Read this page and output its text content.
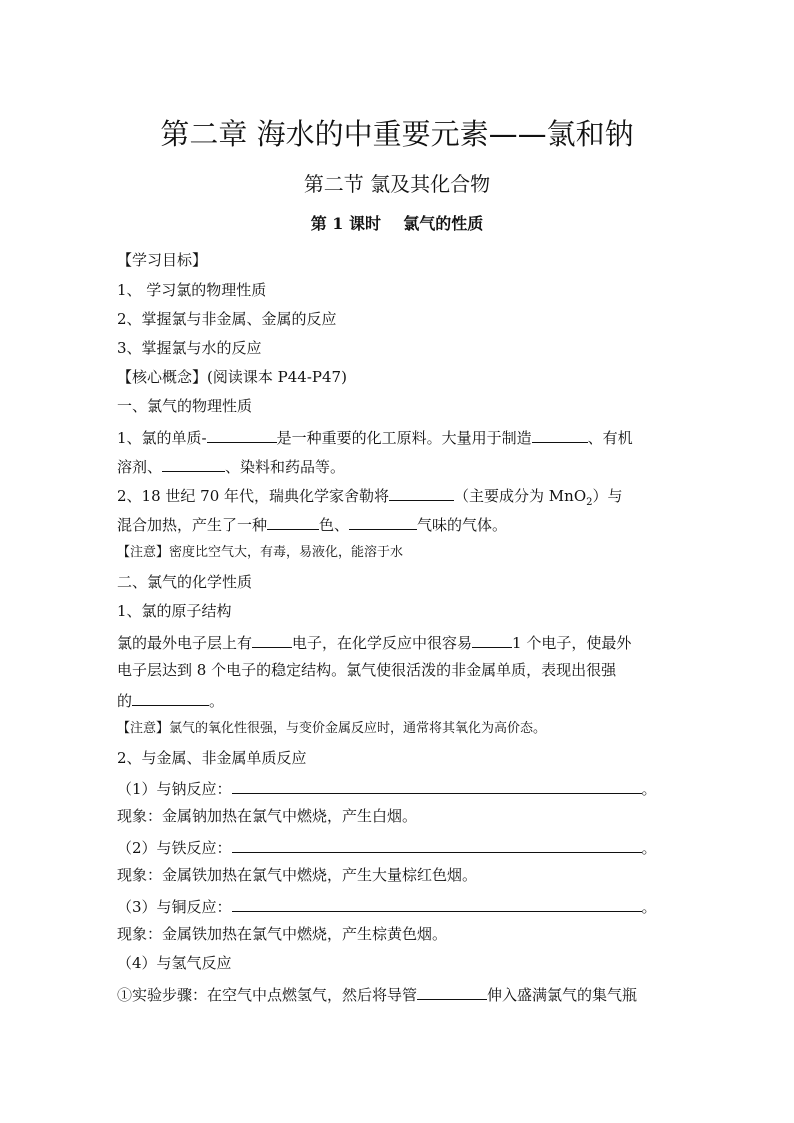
第二章 海水的中重要元素——氯和钠
第二节 氯及其化合物
第 1 课时    氯气的性质
【学习目标】
1、 学习氯的物理性质
2、掌握氯与非金属、金属的反应
3、掌握氯与水的反应
【核心概念】(阅读课本 P44-P47)
一、氯气的物理性质
1、氯的单质-	是一种重要的化工原料。大量用于制造	、有机
溶剂、	、染料和药品等。
2、18 世纪 70 年代，瑞典化学家舍勒将	（主要成分为 MnO$_2$）与
混合加热，产生了一种	色、	气味的气体。
【注意】密度比空气大，有毒，易液化，能溶于水
二、氯气的化学性质
1、氯的原子结构
氯的最外电子层上有	电子，在化学反应中很容易	1 个电子，使最外
电子层达到 8 个电子的稳定结构。氯气使很活泼的非金属单质，表现出很强
的	。
【注意】氯气的氧化性很强，与变价金属反应时，通常将其氧化为高价态。
2、与金属、非金属单质反应
（1）与钠反应：	。
现象：金属钠加热在氯气中燃烧，产生白烟。
（2）与铁反应：	。
现象：金属铁加热在氯气中燃烧，产生大量棕红色烟。
（3）与铜反应：	。
现象：金属铁加热在氯气中燃烧，产生棕黄色烟。
（4）与氢气反应
①实验步骤：在空气中点燃氢气，然后将导管	伸入盛满氯气的集气瓶
